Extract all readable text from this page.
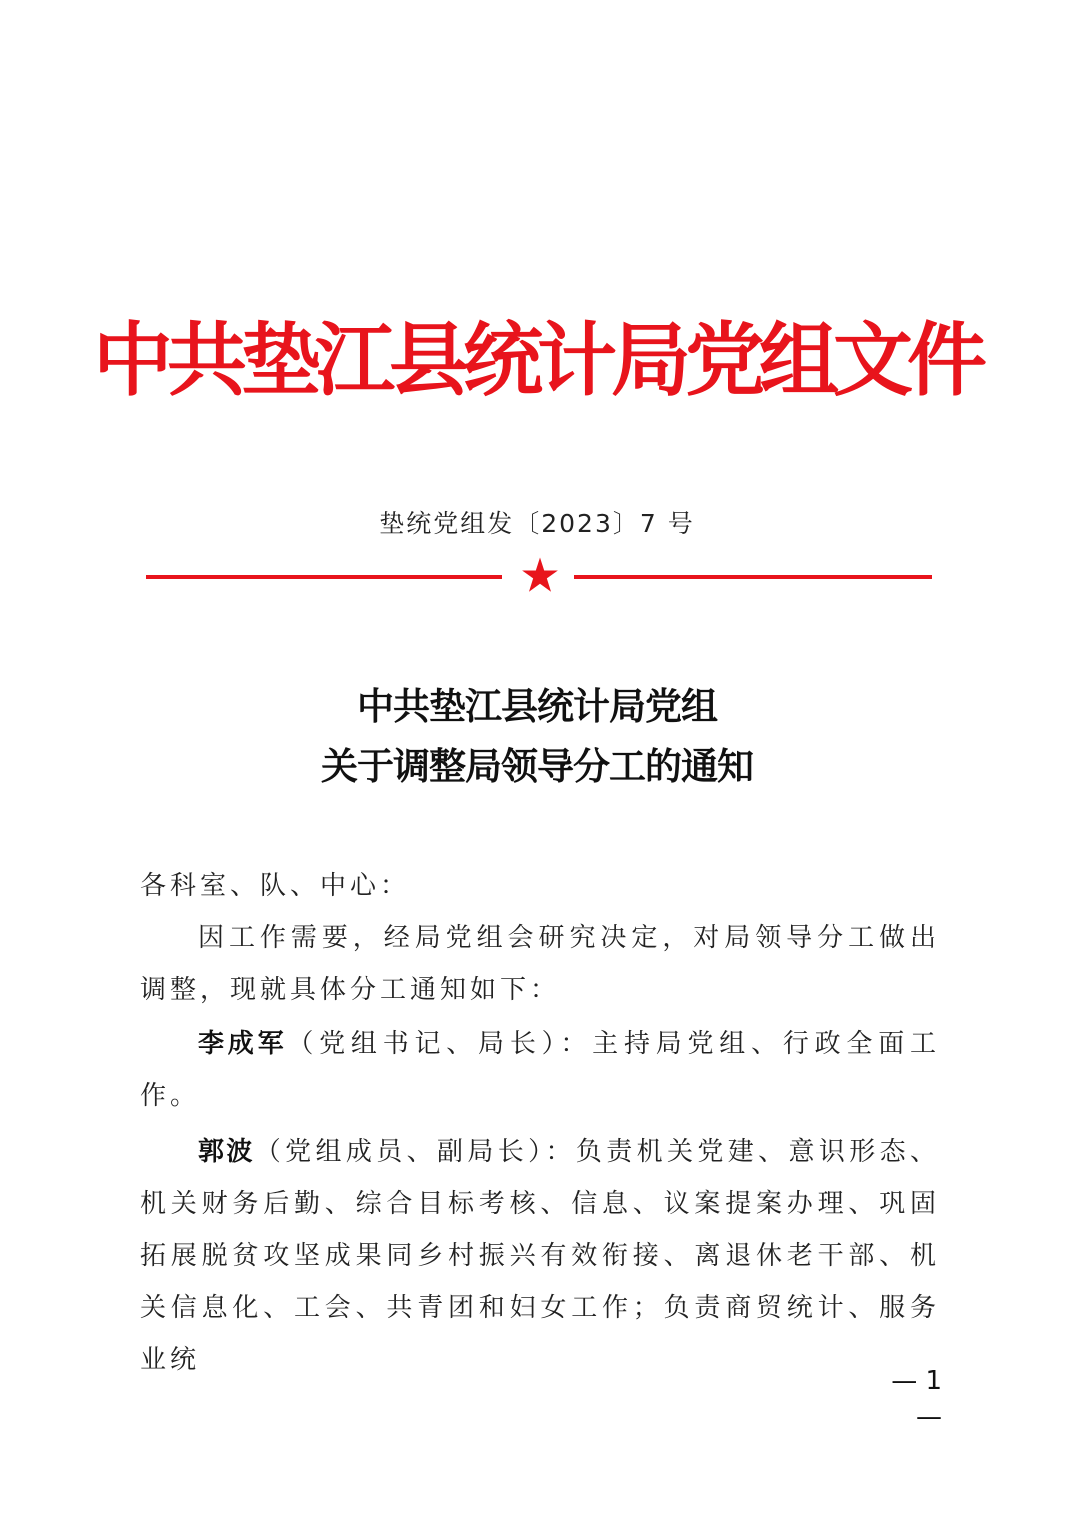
中共垫江县统计局党组文件
垫统党组发〔2023〕7 号
中共垫江县统计局党组
关于调整局领导分工的通知
各科室、队、中心：
因工作需要，经局党组会研究决定，对局领导分工做出调整，现就具体分工通知如下：
李成军（党组书记、局长）：主持局党组、行政全面工作。
郭波（党组成员、副局长）：负责机关党建、意识形态、机关财务后勤、综合目标考核、信息、议案提案办理、巩固拓展脱贫攻坚成果同乡村振兴有效衔接、离退休老干部、机关信息化、工会、共青团和妇女工作；负责商贸统计、服务业统
— 1 —
